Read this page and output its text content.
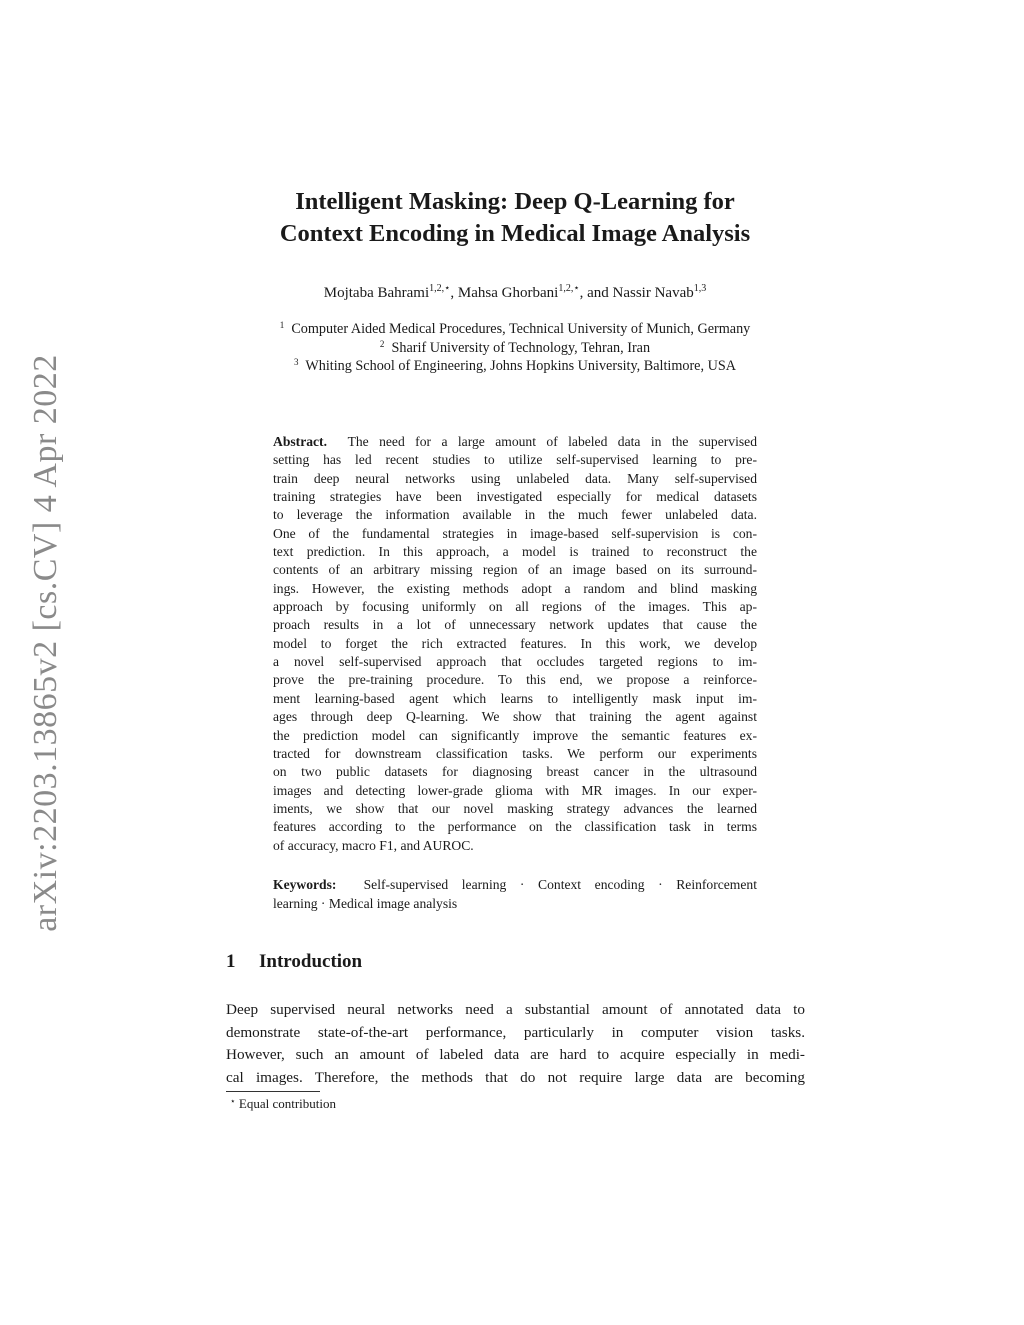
arXiv:2203.13865v2 [cs.CV] 4 Apr 2022
Intelligent Masking: Deep Q-Learning for
Context Encoding in Medical Image Analysis
Mojtaba Bahrami$^{1,2,⋆}$, Mahsa Ghorbani$^{1,2,⋆}$, and Nassir Navab$^{1,3}$
$^1$ Computer Aided Medical Procedures, Technical University of Munich, Germany
$^2$ Sharif University of Technology, Tehran, Iran
$^3$ Whiting School of Engineering, Johns Hopkins University, Baltimore, USA
Abstract. The need for a large amount of labeled data in the supervised
setting has led recent studies to utilize self-supervised learning to pre-
train deep neural networks using unlabeled data. Many self-supervised
training strategies have been investigated especially for medical datasets
to leverage the information available in the much fewer unlabeled data.
One of the fundamental strategies in image-based self-supervision is con-
text prediction. In this approach, a model is trained to reconstruct the
contents of an arbitrary missing region of an image based on its surround-
ings. However, the existing methods adopt a random and blind masking
approach by focusing uniformly on all regions of the images. This ap-
proach results in a lot of unnecessary network updates that cause the
model to forget the rich extracted features. In this work, we develop
a novel self-supervised approach that occludes targeted regions to im-
prove the pre-training procedure. To this end, we propose a reinforce-
ment learning-based agent which learns to intelligently mask input im-
ages through deep Q-learning. We show that training the agent against
the prediction model can significantly improve the semantic features ex-
tracted for downstream classification tasks. We perform our experiments
on two public datasets for diagnosing breast cancer in the ultrasound
images and detecting lower-grade glioma with MR images. In our exper-
iments, we show that our novel masking strategy advances the learned
features according to the performance on the classification task in terms
of accuracy, macro F1, and AUROC.
Keywords: Self-supervised learning · Context encoding · Reinforcement
learning · Medical image analysis
1 Introduction
Deep supervised neural networks need a substantial amount of annotated data to
demonstrate state-of-the-art performance, particularly in computer vision tasks.
However, such an amount of labeled data are hard to acquire especially in medi-
cal images. Therefore, the methods that do not require large data are becoming
⋆ Equal contribution
